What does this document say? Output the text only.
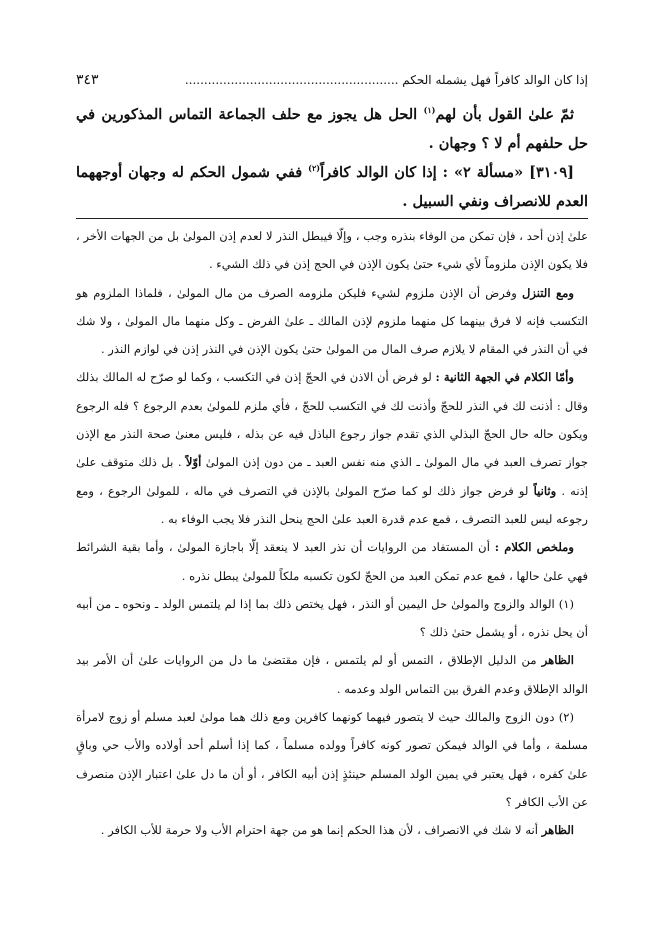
إذا كان الوالد كافراً فهل يشمله الحكم ........................................................
٣٤٣

ثمّ علىٰ القول بأن لهم$^{(١)}$ الحل هل يجوز مع حلف الجماعة التماس المذكورين في حل حلفهم أم لا ؟ وجهان .

[٣١٠٩] «مسألة ٢» : إذا كان الوالد كافراً$^{(٢)}$ ففي شمول الحكم له وجهان أوجههما العدم للانصراف ونفي السبيل .

علىٰ إذن أحد ، فإن تمكن من الوفاء بنذره وجب ، وإلّا فيبطل النذر لا لعدم إذن المولىٰ بل من الجهات الأخر ، فلا يكون الإذن ملزوماً لأي شيء حتىٰ يكون الإذن في الحج إذن في ذلك الشيء .

ومع التنزل وفرض أن الإذن ملزوم لشيء فليكن ملزومه الصرف من مال المولىٰ ، فلماذا الملزوم هو التكسب فإنه لا فرق بينهما كل منهما ملزوم لإذن المالك ـ علىٰ الفرض ـ وكل منهما مال المولىٰ ، ولا شك في أن النذر في المقام لا يلازم صرف المال من المولىٰ حتىٰ يكون الإذن في النذر إذن في لوازم النذر .

وأمّا الكلام في الجهة الثانية : لو فرض أن الاذن في الحجّ إذن في التكسب ، وكما لو صرّح له المالك بذلك وقال : أذنت لك في النذر للحجّ وأذنت لك في التكسب للحجّ ، فأي ملزم للمولىٰ بعدم الرجوع ؟ فله الرجوع ويكون حاله حال الحجّ البذلي الذي تقدم جواز رجوع الباذل فيه عن بذله ، فليس معنىٰ صحة النذر مع الإذن جواز تصرف العبد في مال المولىٰ ـ الذي منه نفس العبد ـ من دون إذن المولىٰ أوّلاً . بل ذلك متوقف علىٰ إذنه . وثانياً لو فرض جواز ذلك لو كما صرّح المولىٰ بالإذن في التصرف في ماله ، للمولىٰ الرجوع ، ومع رجوعه ليس للعبد التصرف ، فمع عدم قدرة العبد علىٰ الحج ينحل النذر فلا يجب الوفاء به .

وملخص الكلام : أن المستفاد من الروايات أن نذر العبد لا ينعقد إلّا باجازة المولىٰ ، وأما بقية الشرائط فهي علىٰ حالها ، فمع عدم تمكن العبد من الحجّ لكون تكسبه ملكاً للمولىٰ يبطل نذره .

(١) الوالد والزوج والمولىٰ حل اليمين أو النذر ، فهل يختص ذلك بما إذا لم يلتمس الولد ـ ونحوه ـ من أبيه أن يحل نذره ، أو يشمل حتىٰ ذلك ؟

الظاهر من الدليل الإطلاق ، التمس أو لم يلتمس ، فإن مقتضىٰ ما دل من الروايات علىٰ أن الأمر بيد الوالد الإطلاق وعدم الفرق بين التماس الولد وعدمه .

(٢) دون الزوج والمالك حيث لا يتصور فيهما كونهما كافرين ومع ذلك هما مولىٰ لعبد مسلم أو زوج لامرأة مسلمة ، وأما في الوالد فيمكن تصور كونه كافراً وولده مسلماً ، كما إذا أسلم أحد أولاده والأب حي وباقٍ علىٰ كفره ، فهل يعتبر في يمين الولد المسلم حينئذٍ إذن أبيه الكافر ، أو أن ما دل علىٰ اعتبار الإذن منصرف عن الأب الكافر ؟

الظاهر أنه لا شك في الانصراف ، لأن هذا الحكم إنما هو من جهة احترام الأب ولا حرمة للأب الكافر .
